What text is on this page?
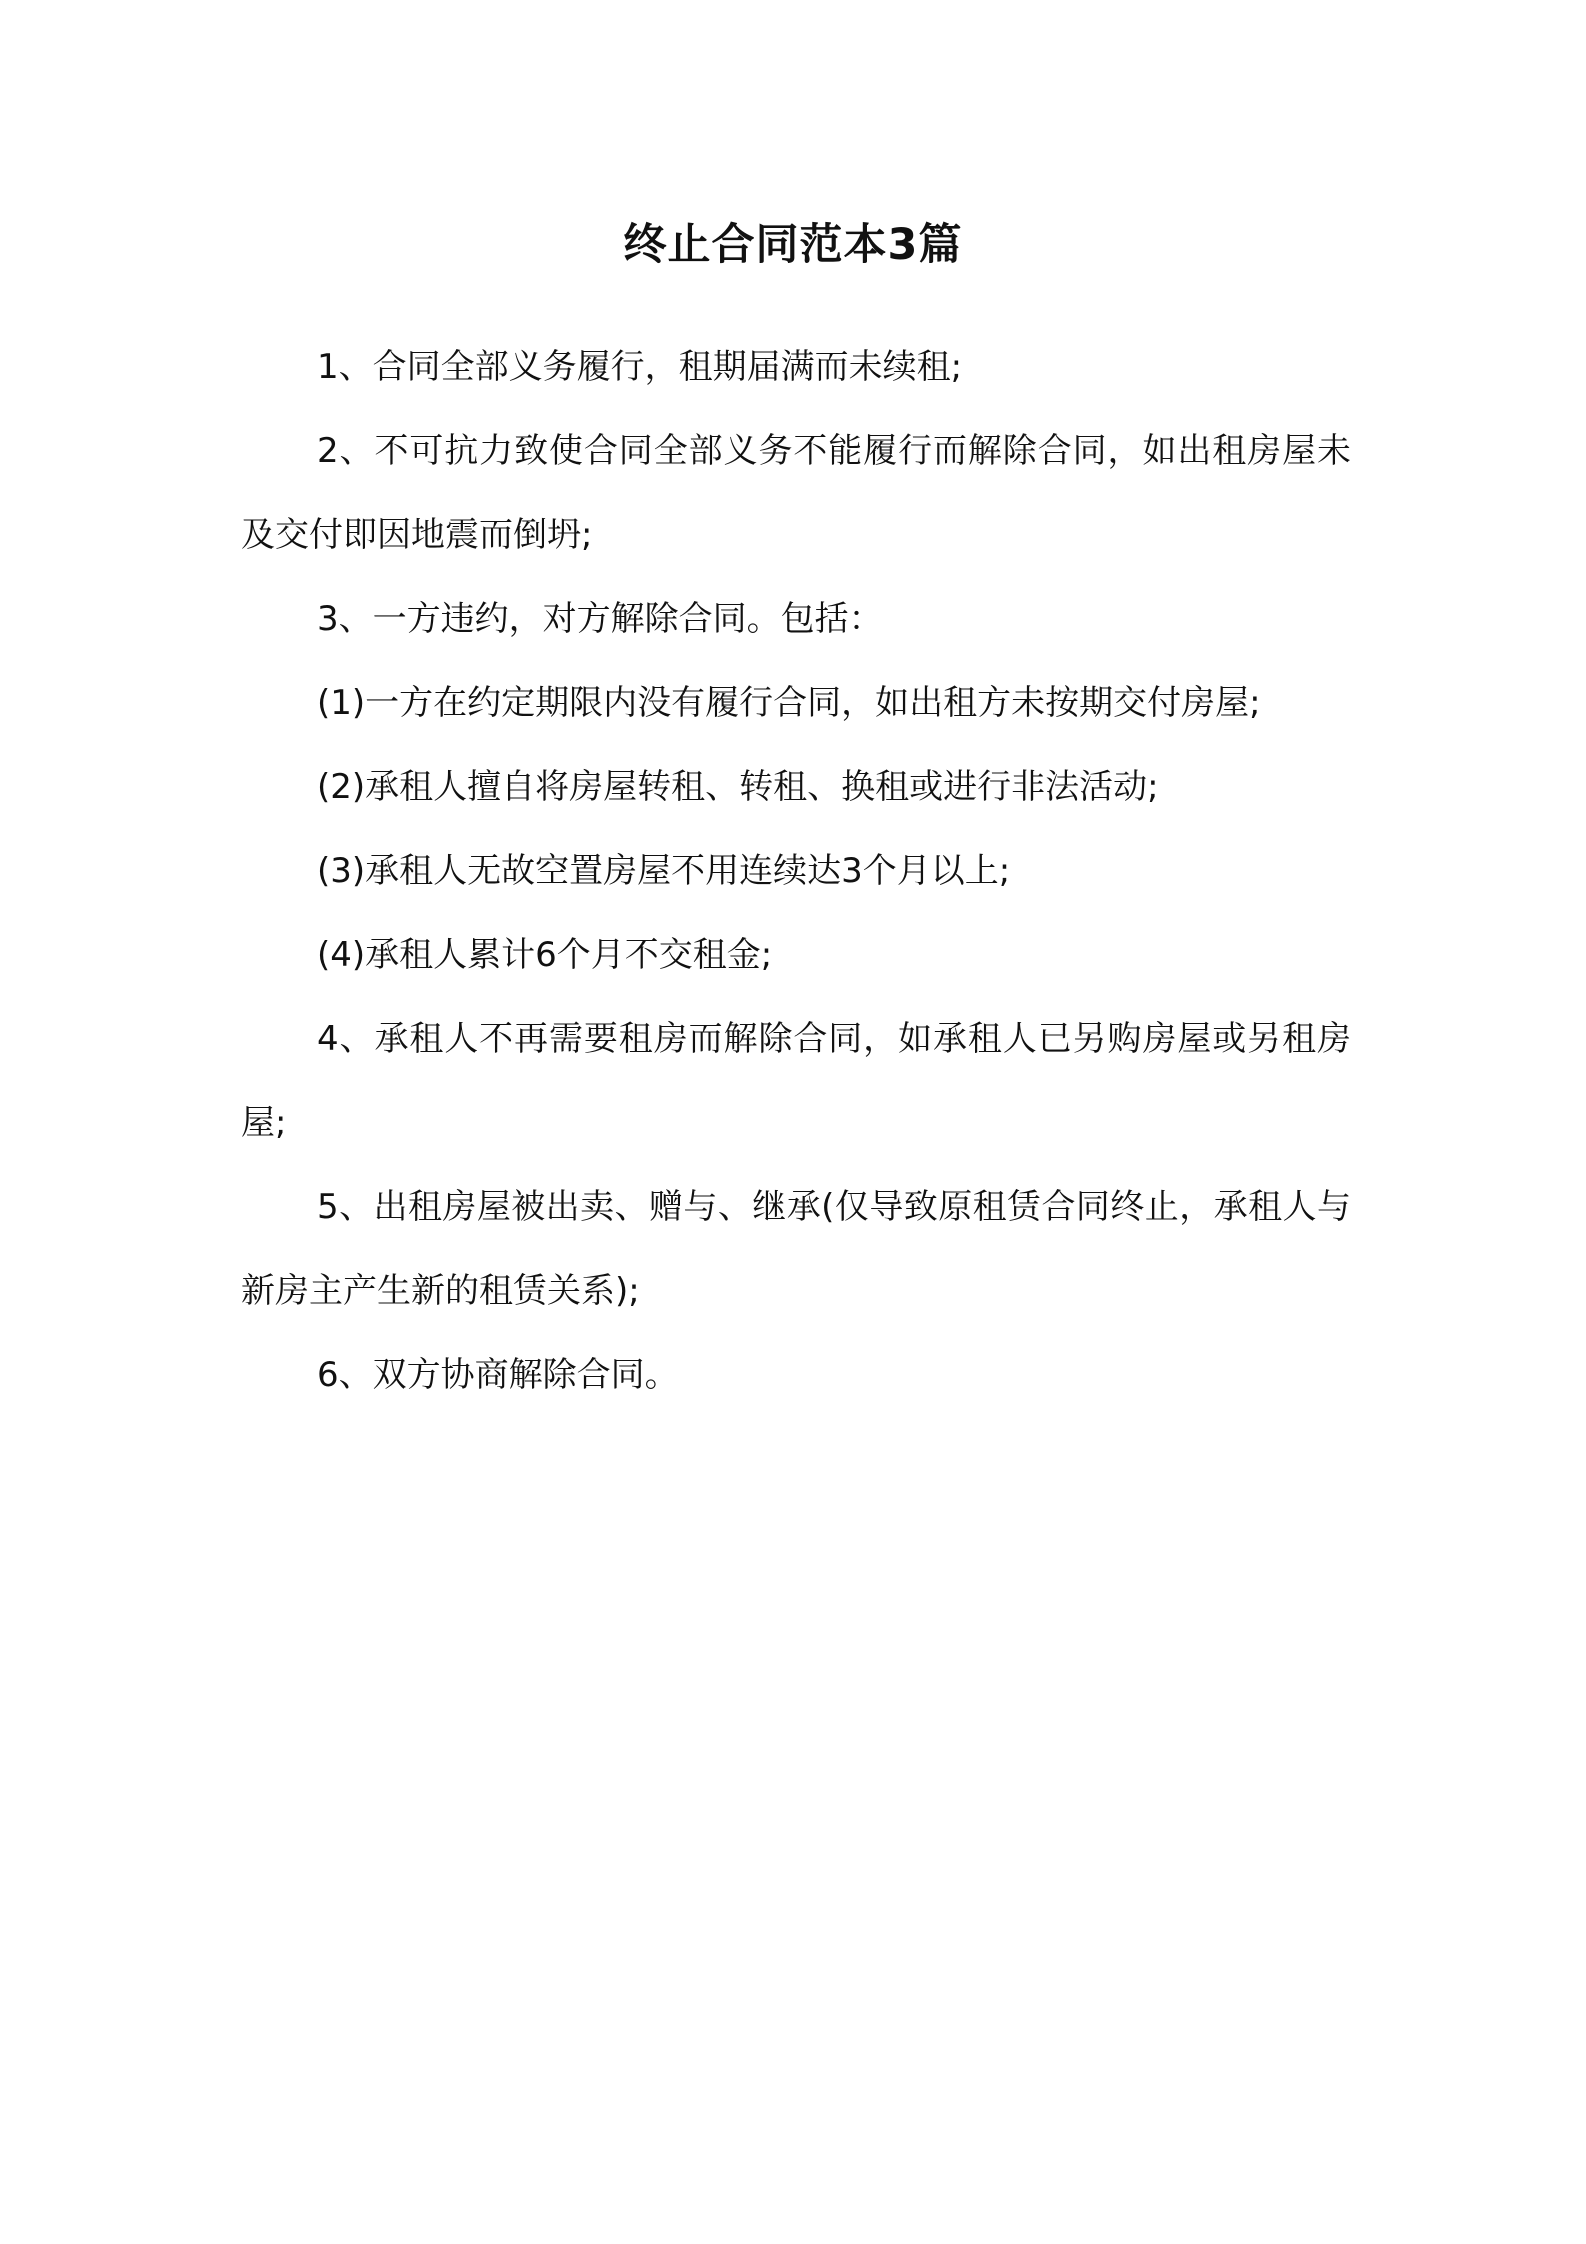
终止合同范本3篇

1、合同全部义务履行，租期届满而未续租;

2、不可抗力致使合同全部义务不能履行而解除合同，如出租房屋未及交付即因地震而倒坍;

3、一方违约，对方解除合同。包括：

(1)一方在约定期限内没有履行合同，如出租方未按期交付房屋;

(2)承租人擅自将房屋转租、转租、换租或进行非法活动;

(3)承租人无故空置房屋不用连续达3个月以上;

(4)承租人累计6个月不交租金;

4、承租人不再需要租房而解除合同，如承租人已另购房屋或另租房屋;

5、出租房屋被出卖、赠与、继承(仅导致原租赁合同终止，承租人与新房主产生新的租赁关系);

6、双方协商解除合同。
